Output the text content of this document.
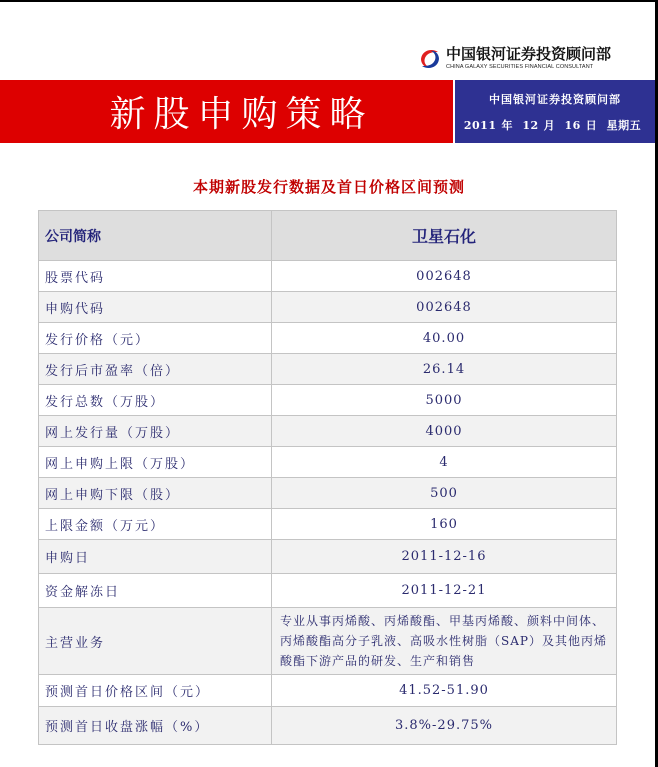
中国银河证券投资顾问部
CHINA GALAXY SECURITIES FINANCIAL CONSULTANT
新股申购策略	中国银河证券投资顾问部
2011 年 12 月 16 日 星期五
本期新股发行数据及首日价格区间预测
公司简称	卫星石化
股票代码	002648
申购代码	002648
发行价格（元）	40.00
发行后市盈率（倍）	26.14
发行总数（万股）	5000
网上发行量（万股）	4000
网上申购上限（万股）	4
网上申购下限（股）	500
上限金额（万元）	160
申购日	2011-12-16
资金解冻日	2011-12-21
主营业务	专业从事丙烯酸、丙烯酸酯、甲基丙烯酸、颜料中间体、丙烯酸酯高分子乳液、高吸水性树脂（SAP）及其他丙烯酸酯下游产品的研发、生产和销售
预测首日价格区间（元）	41.52-51.90
预测首日收盘涨幅（%）	3.8%-29.75%
